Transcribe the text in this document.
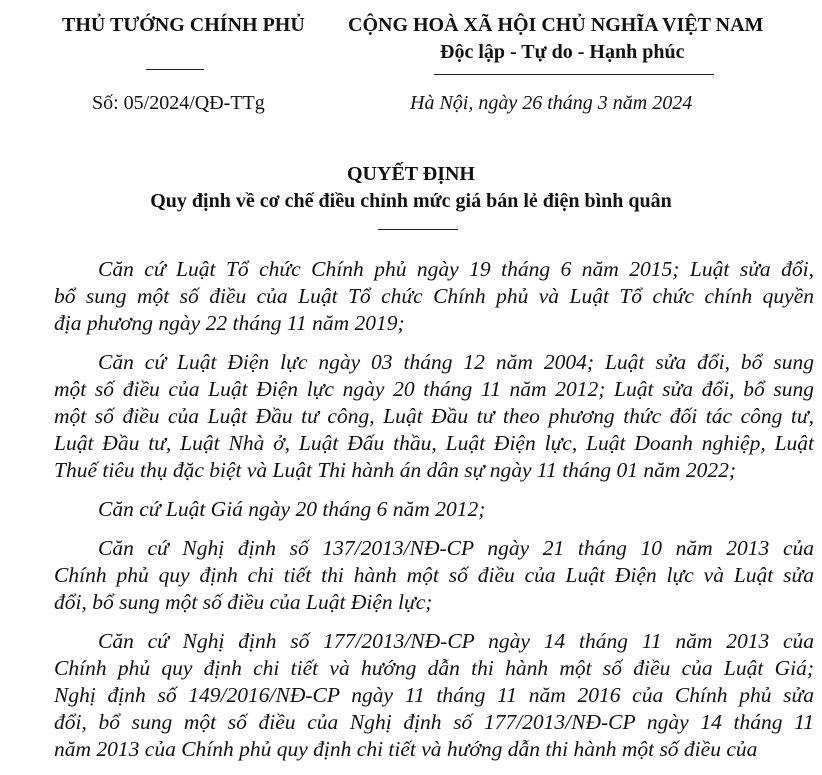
THỦ TƯỚNG CHÍNH PHỦ CỘNG HOÀ XÃ HỘI CHỦ NGHĨA VIỆT NAM
Độc lập - Tự do - Hạnh phúc
Số: 05/2024/QĐ-TTg	Hà Nội, ngày 26 tháng 3 năm 2024
QUYẾT ĐỊNH
Quy định về cơ chế điều chỉnh mức giá bán lẻ điện bình quân
Căn cứ Luật Tổ chức Chính phủ ngày 19 tháng 6 năm 2015; Luật sửa đổi,
bổ sung một số điều của Luật Tổ chức Chính phủ và Luật Tổ chức chính quyền
địa phương ngày 22 tháng 11 năm 2019;
Căn cứ Luật Điện lực ngày 03 tháng 12 năm 2004; Luật sửa đổi, bổ sung
một số điều của Luật Điện lực ngày 20 tháng 11 năm 2012; Luật sửa đổi, bổ sung
một số điều của Luật Đầu tư công, Luật Đầu tư theo phương thức đối tác công tư,
Luật Đầu tư, Luật Nhà ở, Luật Đấu thầu, Luật Điện lực, Luật Doanh nghiệp, Luật
Thuế tiêu thụ đặc biệt và Luật Thi hành án dân sự ngày 11 tháng 01 năm 2022;
Căn cứ Luật Giá ngày 20 tháng 6 năm 2012;
Căn cứ Nghị định số 137/2013/NĐ-CP ngày 21 tháng 10 năm 2013 của
Chính phủ quy định chi tiết thi hành một số điều của Luật Điện lực và Luật sửa
đổi, bổ sung một số điều của Luật Điện lực;
Căn cứ Nghị định số 177/2013/NĐ-CP ngày 14 tháng 11 năm 2013 của
Chính phủ quy định chi tiết và hướng dẫn thi hành một số điều của Luật Giá;
Nghị định số 149/2016/NĐ-CP ngày 11 tháng 11 năm 2016 của Chính phủ sửa
đổi, bổ sung một số điều của Nghị định số 177/2013/NĐ-CP ngày 14 tháng 11
năm 2013 của Chính phủ quy định chi tiết và hướng dẫn thi hành một số điều của
